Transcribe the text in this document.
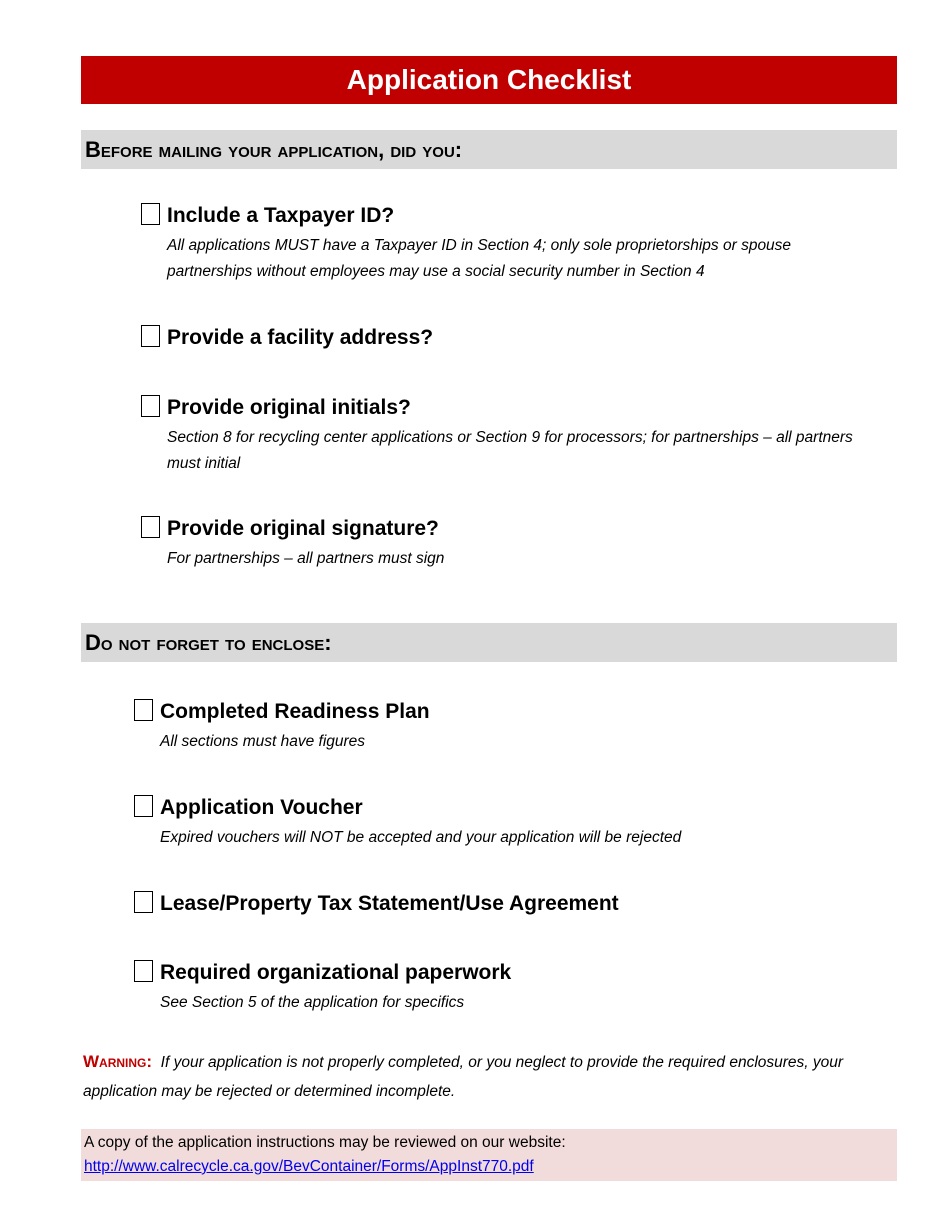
Application Checklist
Before mailing your application, did you:
Include a Taxpayer ID?
All applications MUST have a Taxpayer ID in Section 4; only sole proprietorships or spouse partnerships without employees may use a social security number in Section 4
Provide a facility address?
Provide original initials?
Section 8 for recycling center applications or Section 9 for processors; for partnerships – all partners must initial
Provide original signature?
For partnerships – all partners must sign
Do not forget to enclose:
Completed Readiness Plan
All sections must have figures
Application Voucher
Expired vouchers will NOT be accepted and your application will be rejected
Lease/Property Tax Statement/Use Agreement
Required organizational paperwork
See Section 5 of the application for specifics
Warning: If your application is not properly completed, or you neglect to provide the required enclosures, your application may be rejected or determined incomplete.
A copy of the application instructions may be reviewed on our website:
http://www.calrecycle.ca.gov/BevContainer/Forms/AppInst770.pdf
